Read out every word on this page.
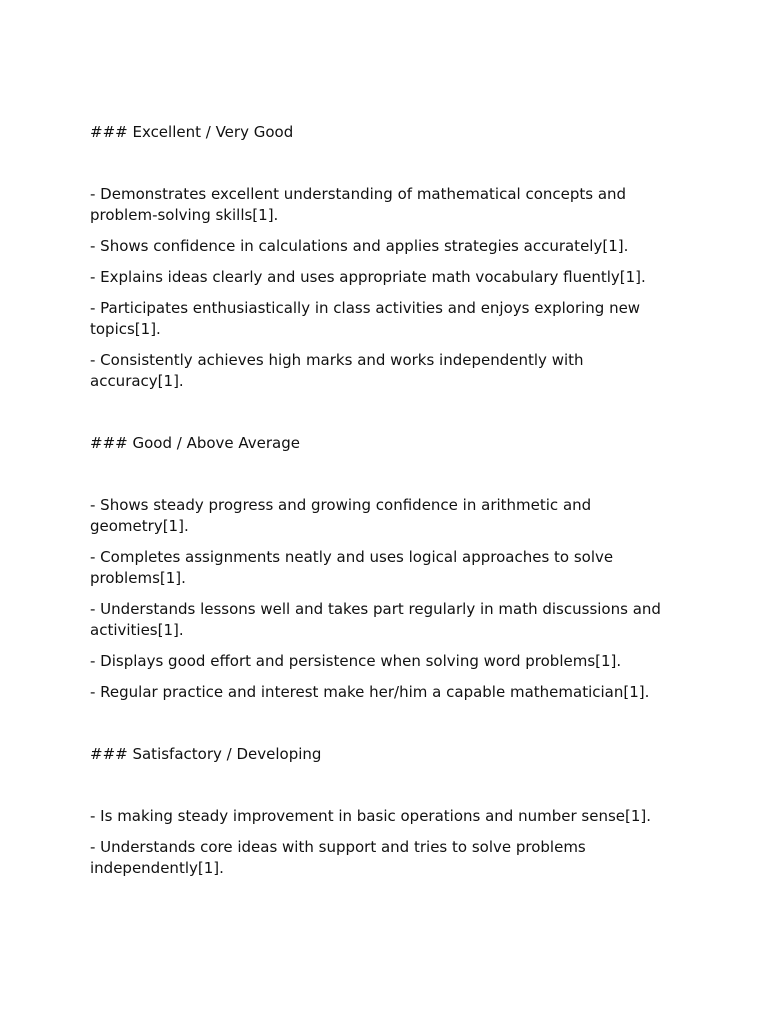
### Excellent / Very Good

- Demonstrates excellent understanding of mathematical concepts and problem-solving skills[1].

- Shows confidence in calculations and applies strategies accurately[1].

- Explains ideas clearly and uses appropriate math vocabulary fluently[1].

- Participates enthusiastically in class activities and enjoys exploring new topics[1].

- Consistently achieves high marks and works independently with accuracy[1].

### Good / Above Average

- Shows steady progress and growing confidence in arithmetic and geometry[1].

- Completes assignments neatly and uses logical approaches to solve problems[1].

- Understands lessons well and takes part regularly in math discussions and activities[1].

- Displays good effort and persistence when solving word problems[1].

- Regular practice and interest make her/him a capable mathematician[1].

### Satisfactory / Developing

- Is making steady improvement in basic operations and number sense[1].

- Understands core ideas with support and tries to solve problems independently[1].
